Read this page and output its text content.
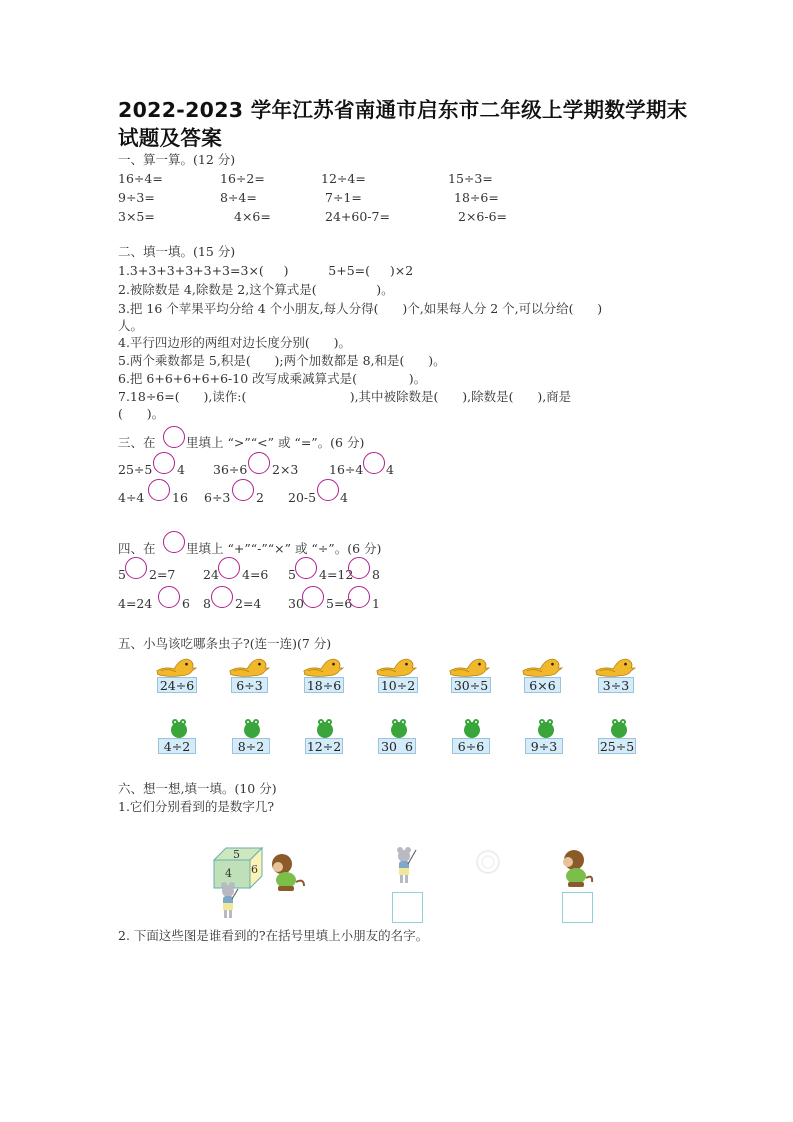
2022-2023 学年江苏省南通市启东市二年级上学期数学期末
试题及答案
一、算一算。(12 分)
16÷4=	16÷2=	12÷4=	15÷3=
9÷3=	8÷4=	7÷1=	18÷6=
3×5=	4×6=	24+60-7=	2×6-6=
二、填一填。(15 分)
1.3+3+3+3+3+3=3×(     )          5+5=(     )×2
2.被除数是 4,除数是 2,这个算式是(               )。
3.把 16 个苹果平均分给 4 个小朋友,每人分得(      )个,如果每人分 2 个,可以分给(      )
人。
4.平行四边形的两组对边长度分别(      )。
5.两个乘数都是 5,积是(      );两个加数都是 8,和是(      )。
6.把 6+6+6+6+6-10 改写成乘减算式是(             )。
7.18÷6=(      ),读作:(                          ),其中被除数是(      ),除数是(      ),商是
(      )。
三、在 里填上 “>”“<” 或 “=”。(6 分)
25÷5 4 36÷6 2×3 16÷4 4
4÷4 16 6÷3 2 20-5 4
四、在 里填上 “+”“-”“×” 或 “÷”。(6 分)
5 2=7 24 4=6 5 4=12 8
4=24 6 8 2=4 30 5=6 1
五、小鸟该吃哪条虫子?(连一连)(7 分)
24÷6	6÷3	18÷6	10÷2	30÷5	6×6	3÷3
4÷2	8÷2	12÷2	30  6	6÷6	9÷3	25÷5
六、想一想,填一填。(10 分)
1.它们分别看到的是数字几?
5
4 6
2. 下面这些图是谁看到的?在括号里填上小朋友的名字。
